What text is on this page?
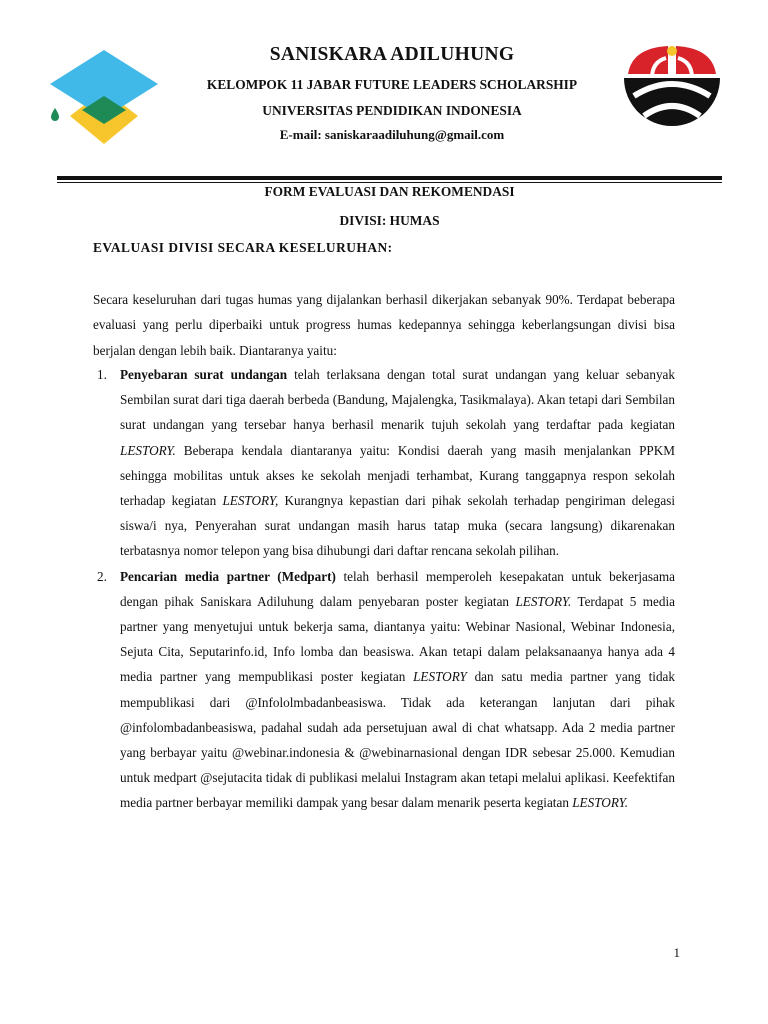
SANISKARA ADILUHUNG
KELOMPOK 11 JABAR FUTURE LEADERS SCHOLARSHIP
UNIVERSITAS PENDIDIKAN INDONESIA
E-mail: saniskaraadiluhung@gmail.com
FORM EVALUASI DAN REKOMENDASI
DIVISI: HUMAS
EVALUASI DIVISI SECARA KESELURUHAN:

Secara keseluruhan dari tugas humas yang dijalankan berhasil dikerjakan sebanyak 90%. Terdapat beberapa evaluasi yang perlu diperbaiki untuk progress humas kedepannya sehingga keberlangsungan divisi bisa berjalan dengan lebih baik. Diantaranya yaitu:

1. Penyebaran surat undangan telah terlaksana dengan total surat undangan yang keluar sebanyak Sembilan surat dari tiga daerah berbeda (Bandung, Majalengka, Tasikmalaya). Akan tetapi dari Sembilan surat undangan yang tersebar hanya berhasil menarik tujuh sekolah yang terdaftar pada kegiatan LESTORY. Beberapa kendala diantaranya yaitu: Kondisi daerah yang masih menjalankan PPKM sehingga mobilitas untuk akses ke sekolah menjadi terhambat, Kurang tanggapnya respon sekolah terhadap kegiatan LESTORY, Kurangnya kepastian dari pihak sekolah terhadap pengiriman delegasi siswa/i nya, Penyerahan surat undangan masih harus tatap muka (secara langsung) dikarenakan terbatasnya nomor telepon yang bisa dihubungi dari daftar rencana sekolah pilihan.
2. Pencarian media partner (Medpart) telah berhasil memperoleh kesepakatan untuk bekerjasama dengan pihak Saniskara Adiluhung dalam penyebaran poster kegiatan LESTORY. Terdapat 5 media partner yang menyetujui untuk bekerja sama, diantanya yaitu: Webinar Nasional, Webinar Indonesia, Sejuta Cita, Seputarinfo.id, Info lomba dan beasiswa. Akan tetapi dalam pelaksanaanya hanya ada 4 media partner yang mempublikasi poster kegiatan LESTORY dan satu media partner yang tidak mempublikasi dari @Infololmbadanbeasiswa. Tidak ada keterangan lanjutan dari pihak @infolombadanbeasiswa, padahal sudah ada persetujuan awal di chat whatsapp. Ada 2 media partner yang berbayar yaitu @webinar.indonesia & @webinarnasional dengan IDR sebesar 25.000. Kemudian untuk medpart @sejutacita tidak di publikasi melalui Instagram akan tetapi melalui aplikasi. Keefektifan media partner berbayar memiliki dampak yang besar dalam menarik peserta kegiatan LESTORY.
1
